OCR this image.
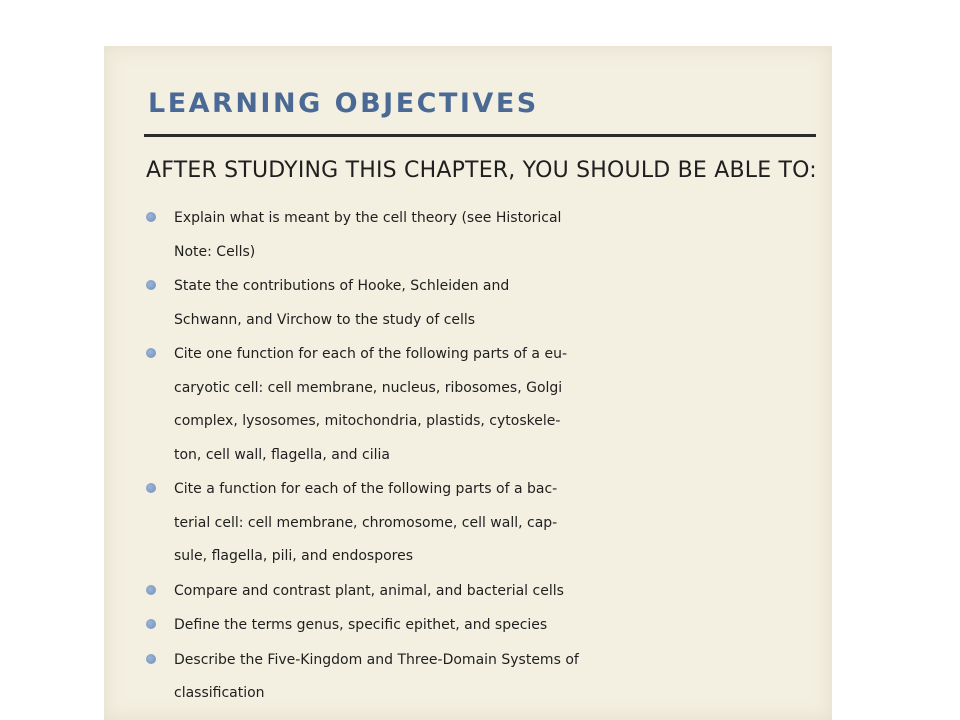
LEARNING OBJECTIVES
AFTER STUDYING THIS CHAPTER, YOU SHOULD BE ABLE TO:
Explain what is meant by the cell theory (see Historical
Note: Cells)
State the contributions of Hooke, Schleiden and
Schwann, and Virchow to the study of cells
Cite one function for each of the following parts of a eu-
caryotic cell: cell membrane, nucleus, ribosomes, Golgi
complex, lysosomes, mitochondria, plastids, cytoskele-
ton, cell wall, flagella, and cilia
Cite a function for each of the following parts of a bac-
terial cell: cell membrane, chromosome, cell wall, cap-
sule, flagella, pili, and endospores
Compare and contrast plant, animal, and bacterial cells
Define the terms genus, specific epithet, and species
Describe the Five-Kingdom and Three-Domain Systems of
classification
